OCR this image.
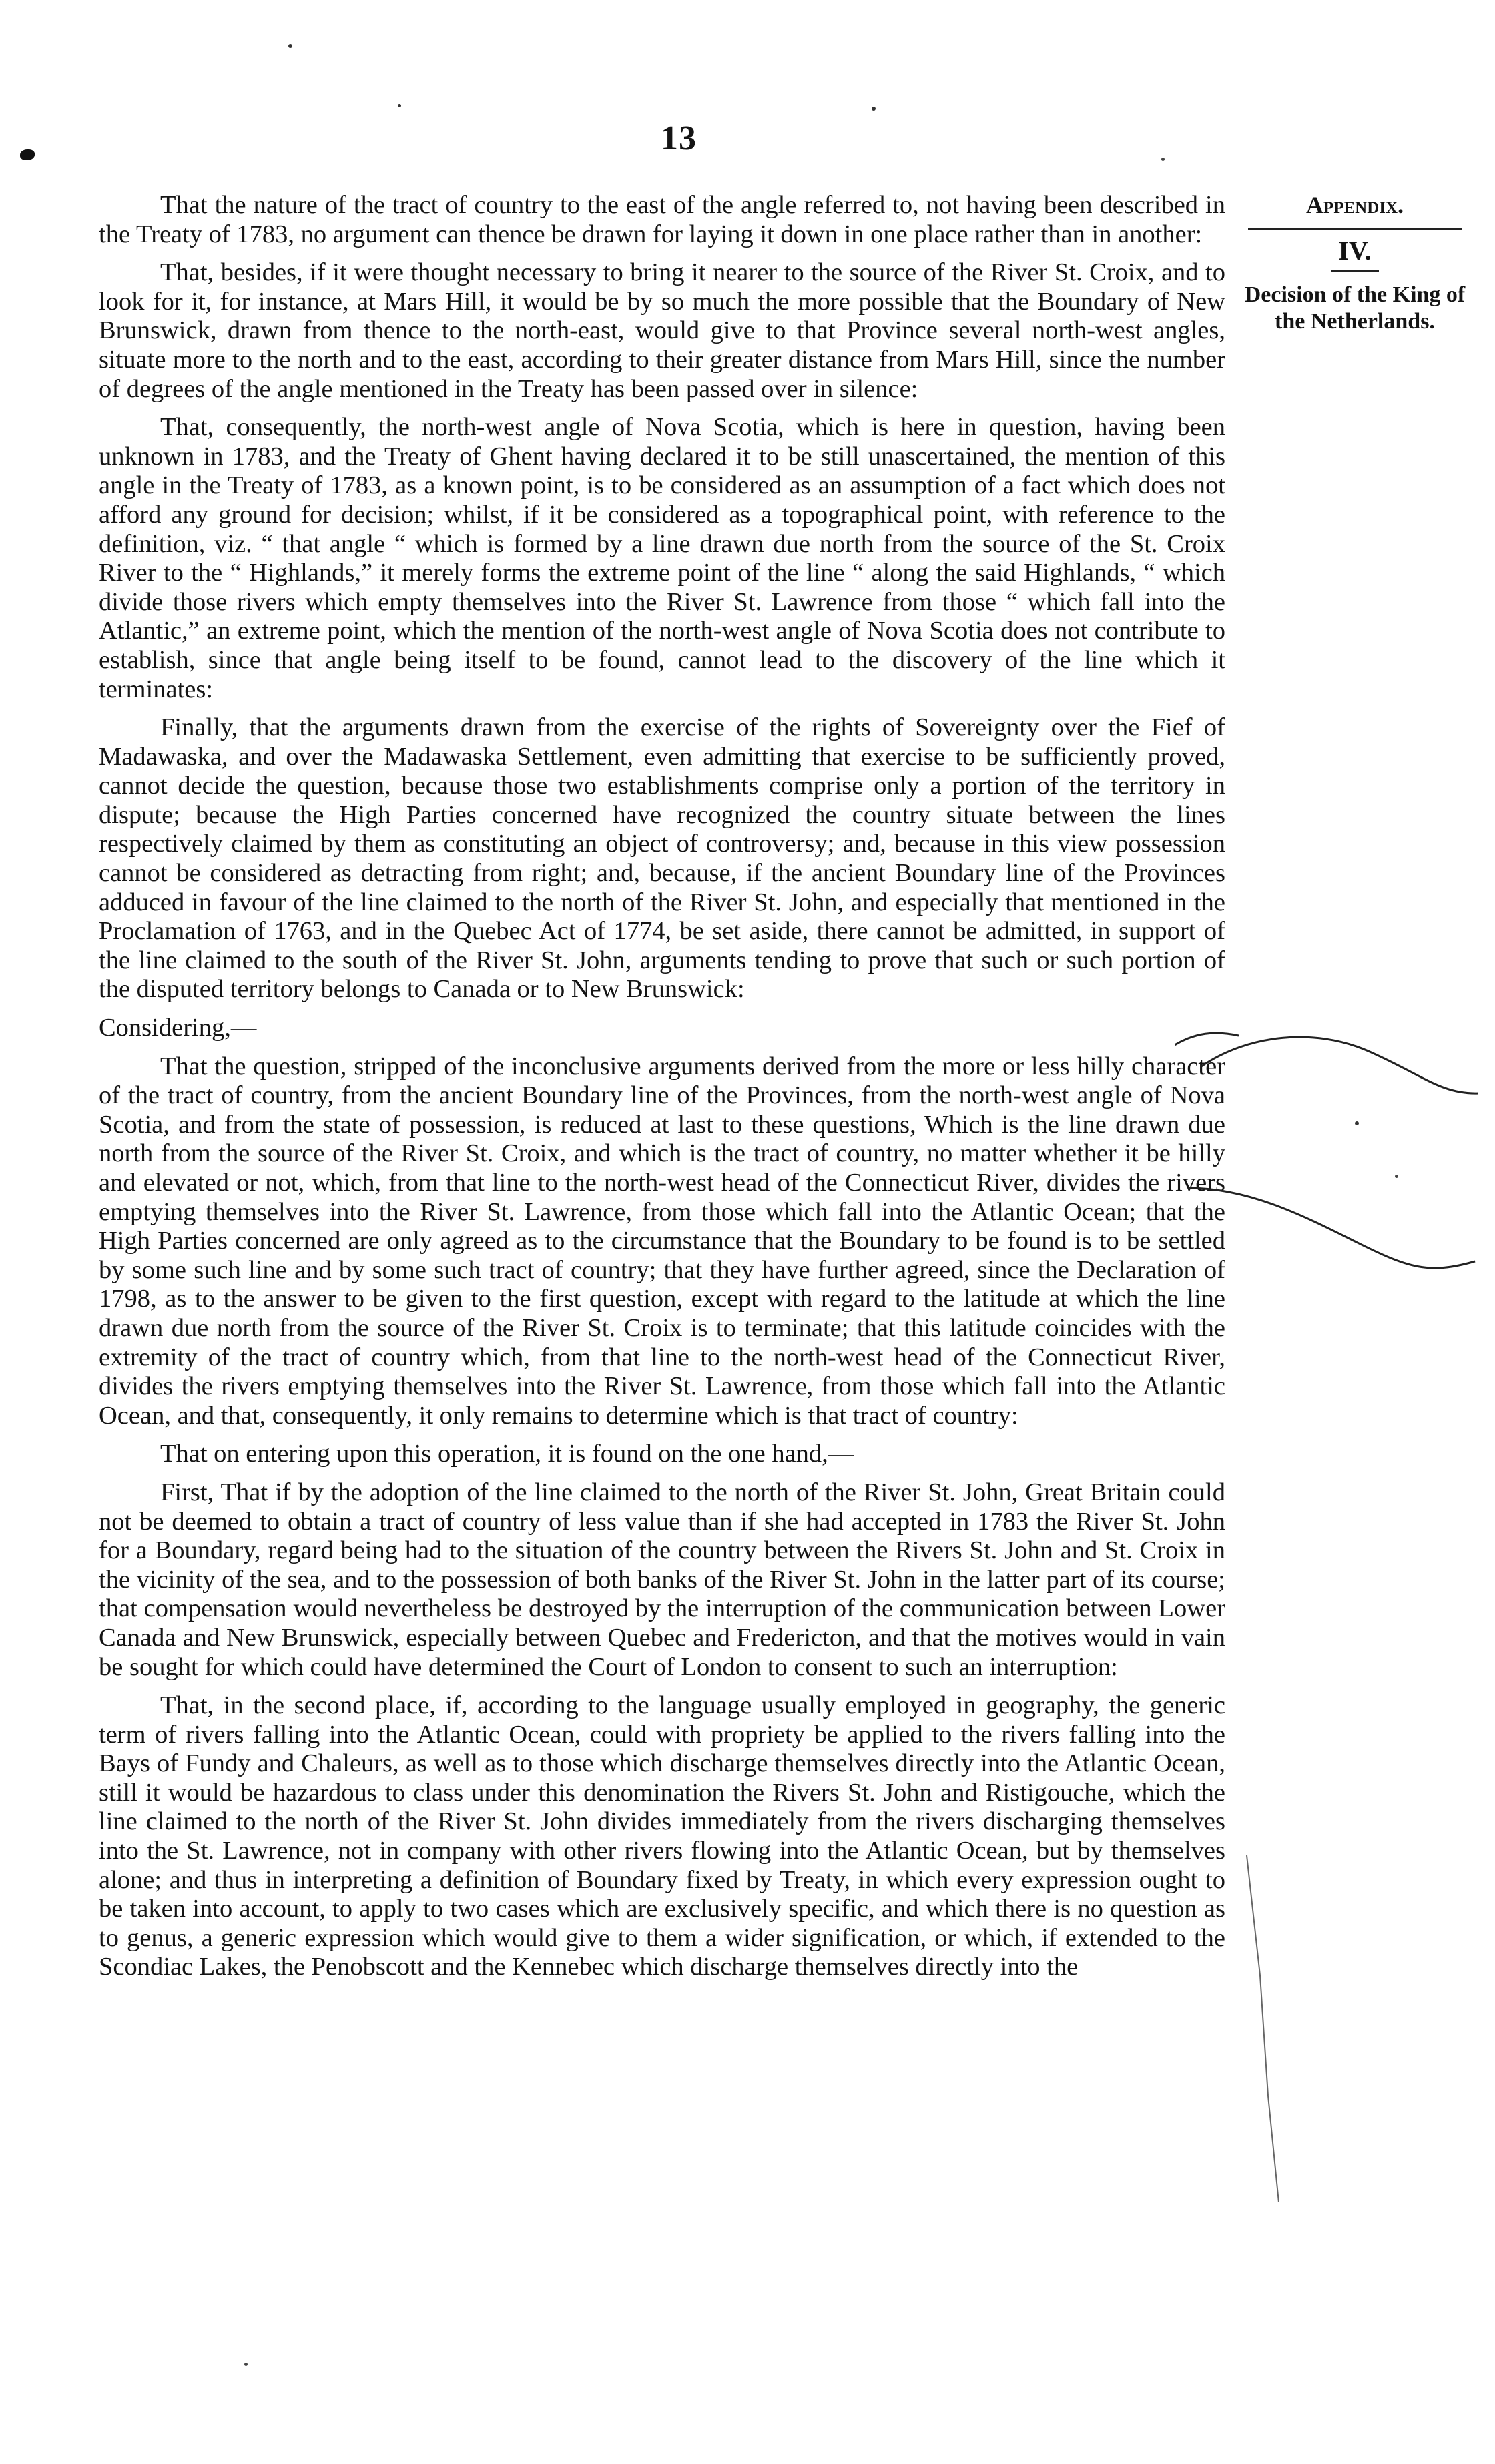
13
Appendix.
IV.
Decision of the King of the Netherlands.

That the nature of the tract of country to the east of the angle referred to, not having been described in the Treaty of 1783, no argument can thence be drawn for laying it down in one place rather than in another:

That, besides, if it were thought necessary to bring it nearer to the source of the River St. Croix, and to look for it, for instance, at Mars Hill, it would be by so much the more possible that the Boundary of New Brunswick, drawn from thence to the north-east, would give to that Province several north-west angles, situate more to the north and to the east, according to their greater distance from Mars Hill, since the number of degrees of the angle mentioned in the Treaty has been passed over in silence:

That, consequently, the north-west angle of Nova Scotia, which is here in question, having been unknown in 1783, and the Treaty of Ghent having declared it to be still unascertained, the mention of this angle in the Treaty of 1783, as a known point, is to be considered as an assumption of a fact which does not afford any ground for decision; whilst, if it be considered as a topographical point, with reference to the definition, viz. “ that angle “ which is formed by a line drawn due north from the source of the St. Croix River to the “ Highlands,” it merely forms the extreme point of the line “ along the said Highlands, “ which divide those rivers which empty themselves into the River St. Lawrence from those “ which fall into the Atlantic,” an extreme point, which the mention of the north-west angle of Nova Scotia does not contribute to establish, since that angle being itself to be found, cannot lead to the discovery of the line which it terminates:

Finally, that the arguments drawn from the exercise of the rights of Sovereignty over the Fief of Madawaska, and over the Madawaska Settlement, even admitting that exercise to be sufficiently proved, cannot decide the question, because those two establishments comprise only a portion of the territory in dispute; because the High Parties concerned have recognized the country situate between the lines respectively claimed by them as constituting an object of controversy; and, because in this view possession cannot be considered as detracting from right; and, because, if the ancient Boundary line of the Provinces adduced in favour of the line claimed to the north of the River St. John, and especially that mentioned in the Proclamation of 1763, and in the Quebec Act of 1774, be set aside, there cannot be admitted, in support of the line claimed to the south of the River St. John, arguments tending to prove that such or such portion of the disputed territory belongs to Canada or to New Brunswick:

Considering,—

That the question, stripped of the inconclusive arguments derived from the more or less hilly character of the tract of country, from the ancient Boundary line of the Provinces, from the north-west angle of Nova Scotia, and from the state of possession, is reduced at last to these questions, Which is the line drawn due north from the source of the River St. Croix, and which is the tract of country, no matter whether it be hilly and elevated or not, which, from that line to the north-west head of the Connecticut River, divides the rivers emptying themselves into the River St. Lawrence, from those which fall into the Atlantic Ocean; that the High Parties concerned are only agreed as to the circumstance that the Boundary to be found is to be settled by some such line and by some such tract of country; that they have further agreed, since the Declaration of 1798, as to the answer to be given to the first question, except with regard to the latitude at which the line drawn due north from the source of the River St. Croix is to terminate; that this latitude coincides with the extremity of the tract of country which, from that line to the north-west head of the Connecticut River, divides the rivers emptying themselves into the River St. Lawrence, from those which fall into the Atlantic Ocean, and that, consequently, it only remains to determine which is that tract of country:

That on entering upon this operation, it is found on the one hand,—

First, That if by the adoption of the line claimed to the north of the River St. John, Great Britain could not be deemed to obtain a tract of country of less value than if she had accepted in 1783 the River St. John for a Boundary, regard being had to the situation of the country between the Rivers St. John and St. Croix in the vicinity of the sea, and to the possession of both banks of the River St. John in the latter part of its course; that compensation would nevertheless be destroyed by the interruption of the communication between Lower Canada and New Brunswick, especially between Quebec and Fredericton, and that the motives would in vain be sought for which could have determined the Court of London to consent to such an interruption:

That, in the second place, if, according to the language usually employed in geography, the generic term of rivers falling into the Atlantic Ocean, could with propriety be applied to the rivers falling into the Bays of Fundy and Chaleurs, as well as to those which discharge themselves directly into the Atlantic Ocean, still it would be hazardous to class under this denomination the Rivers St. John and Ristigouche, which the line claimed to the north of the River St. John divides immediately from the rivers discharging themselves into the St. Lawrence, not in company with other rivers flowing into the Atlantic Ocean, but by themselves alone; and thus in interpreting a definition of Boundary fixed by Treaty, in which every expression ought to be taken into account, to apply to two cases which are exclusively specific, and which there is no question as to genus, a generic expression which would give to them a wider signification, or which, if extended to the Scondiac Lakes, the Penobscott and the Kennebec which discharge themselves directly into the
